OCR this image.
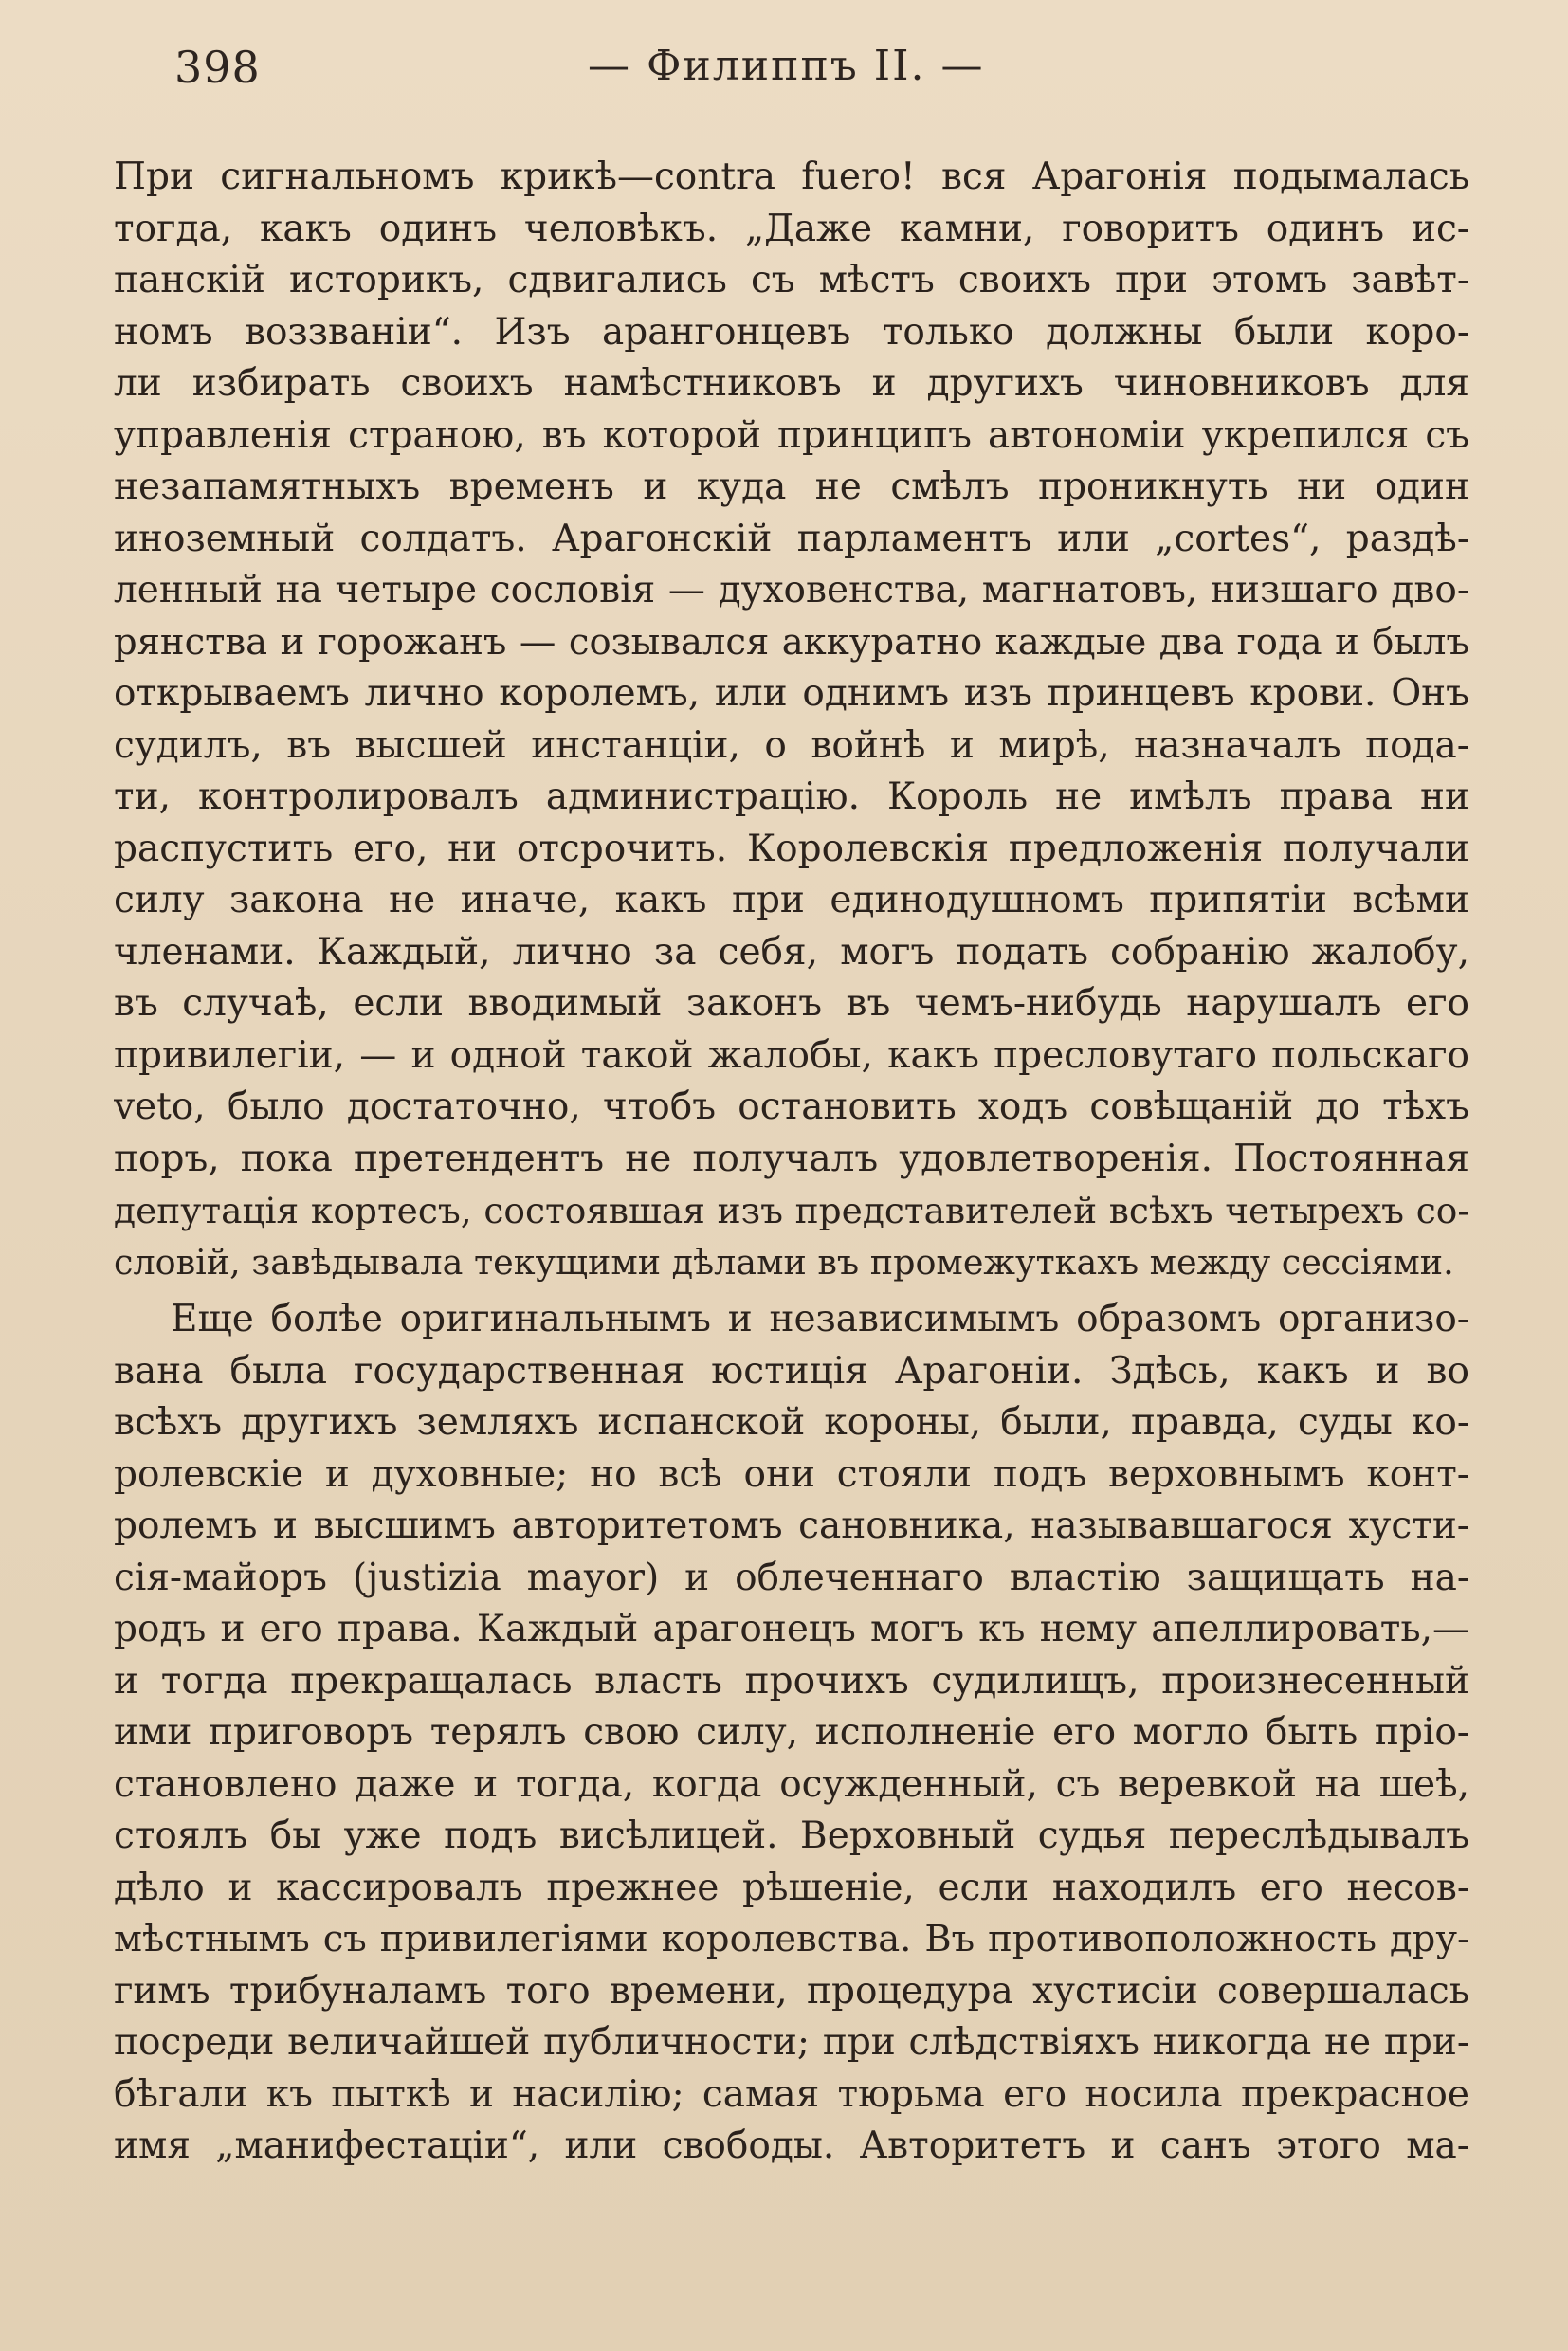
398	— Филиппъ II. —
При сигнальномъ крикѣ—contra fuero! вся Арагонія подымалась
тогда, какъ одинъ человѣкъ. „Даже камни, говоритъ одинъ ис-
панскій историкъ, сдвигались съ мѣстъ своихъ при этомъ завѣт-
номъ воззваніи“. Изъ арангонцевъ только должны были коро-
ли избирать своихъ намѣстниковъ и другихъ чиновниковъ для
управленія страною, въ которой принципъ автономіи укрепился съ
незапамятныхъ временъ и куда не смѣлъ проникнуть ни один
иноземный солдатъ. Арагонскій парламентъ или „cortes“, раздѣ-
ленный на четыре сословія — духовенства, магнатовъ, низшаго дво-
рянства и горожанъ — созывался аккуратно каждые два года и былъ
открываемъ лично королемъ, или однимъ изъ принцевъ крови. Онъ
судилъ, въ высшей инстанціи, о войнѣ и мирѣ, назначалъ пода-
ти, контролировалъ администрацію. Король не имѣлъ права ни
распустить его, ни отсрочить. Королевскія предложенія получали
силу закона не иначе, какъ при единодушномъ припятіи всѣми
членами. Каждый, лично за себя, могъ подать собранію жалобу,
въ случаѣ, если вводимый законъ въ чемъ-нибудь нарушалъ его
привилегіи, — и одной такой жалобы, какъ пресловутаго польскаго
veto, было достаточно, чтобъ остановить ходъ совѣщаній до тѣхъ
поръ, пока претендентъ не получалъ удовлетворенія. Постоянная
депутація кортесъ, состоявшая изъ представителей всѣхъ четырехъ со-
словій, завѣдывала текущими дѣлами въ промежуткахъ между сессіями.
Еще болѣе оригинальнымъ и независимымъ образомъ организо-
вана была государственная юстиція Арагоніи. Здѣсь, какъ и во
всѣхъ другихъ земляхъ испанской короны, были, правда, суды ко-
ролевскіе и духовные; но всѣ они стояли подъ верховнымъ конт-
ролемъ и высшимъ авторитетомъ сановника, называвшагося хусти-
сія-майоръ (justizia mayor) и облеченнаго властію защищать на-
родъ и его права. Каждый арагонецъ могъ къ нему апеллировать,—
и тогда прекращалась власть прочихъ судилищъ, произнесенный
ими приговоръ терялъ свою силу, исполненіе его могло быть пріо-
становлено даже и тогда, когда осужденный, съ веревкой на шеѣ,
стоялъ бы уже подъ висѣлицей. Верховный судья переслѣдывалъ
дѣло и кассировалъ прежнее рѣшеніе, если находилъ его несов-
мѣстнымъ съ привилегіями королевства. Въ противоположность дру-
гимъ трибуналамъ того времени, процедура хустисіи совершалась
посреди величайшей публичности; при слѣдствіяхъ никогда не при-
бѣгали къ пыткѣ и насилію; самая тюрьма его носила прекрасное
имя „манифестаціи“, или свободы. Авторитетъ и санъ этого ма-
